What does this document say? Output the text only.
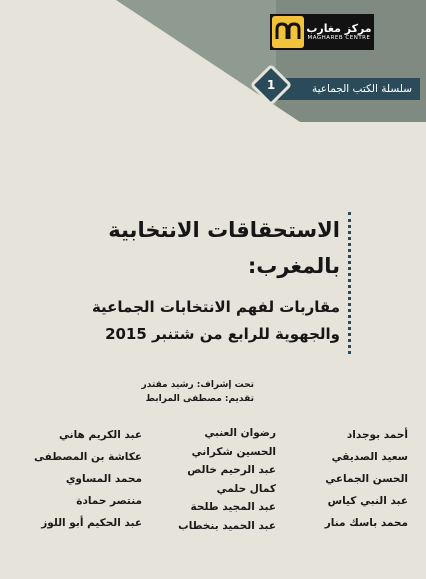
مركز مغارب
MAGHAREB CENTRE
سلسلة الكتب الجماعية
1
الاستحقاقات الانتخابية
بالمغرب:
مقاربات لفهم الانتخابات الجماعية
والجهوية للرابع من شتنبر 2015
تحت إشراف: رشيد مقتدر
تقديم: مصطفى المرابط
أحمد بوجداد
سعيد الصديقي
الحسن الجماعي
عبد النبي كياس
محمد باسك منار
رضوان العنبي
الحسين شكراني
عبد الرحيم خالص
كمال حلمي
عبد المجيد طلحة
عبد الحميد بنخطاب
عبد الكريم هاني
عكاشة بن المصطفى
محمد المساوي
منتصر حمادة
عبد الحكيم أبو اللوز
